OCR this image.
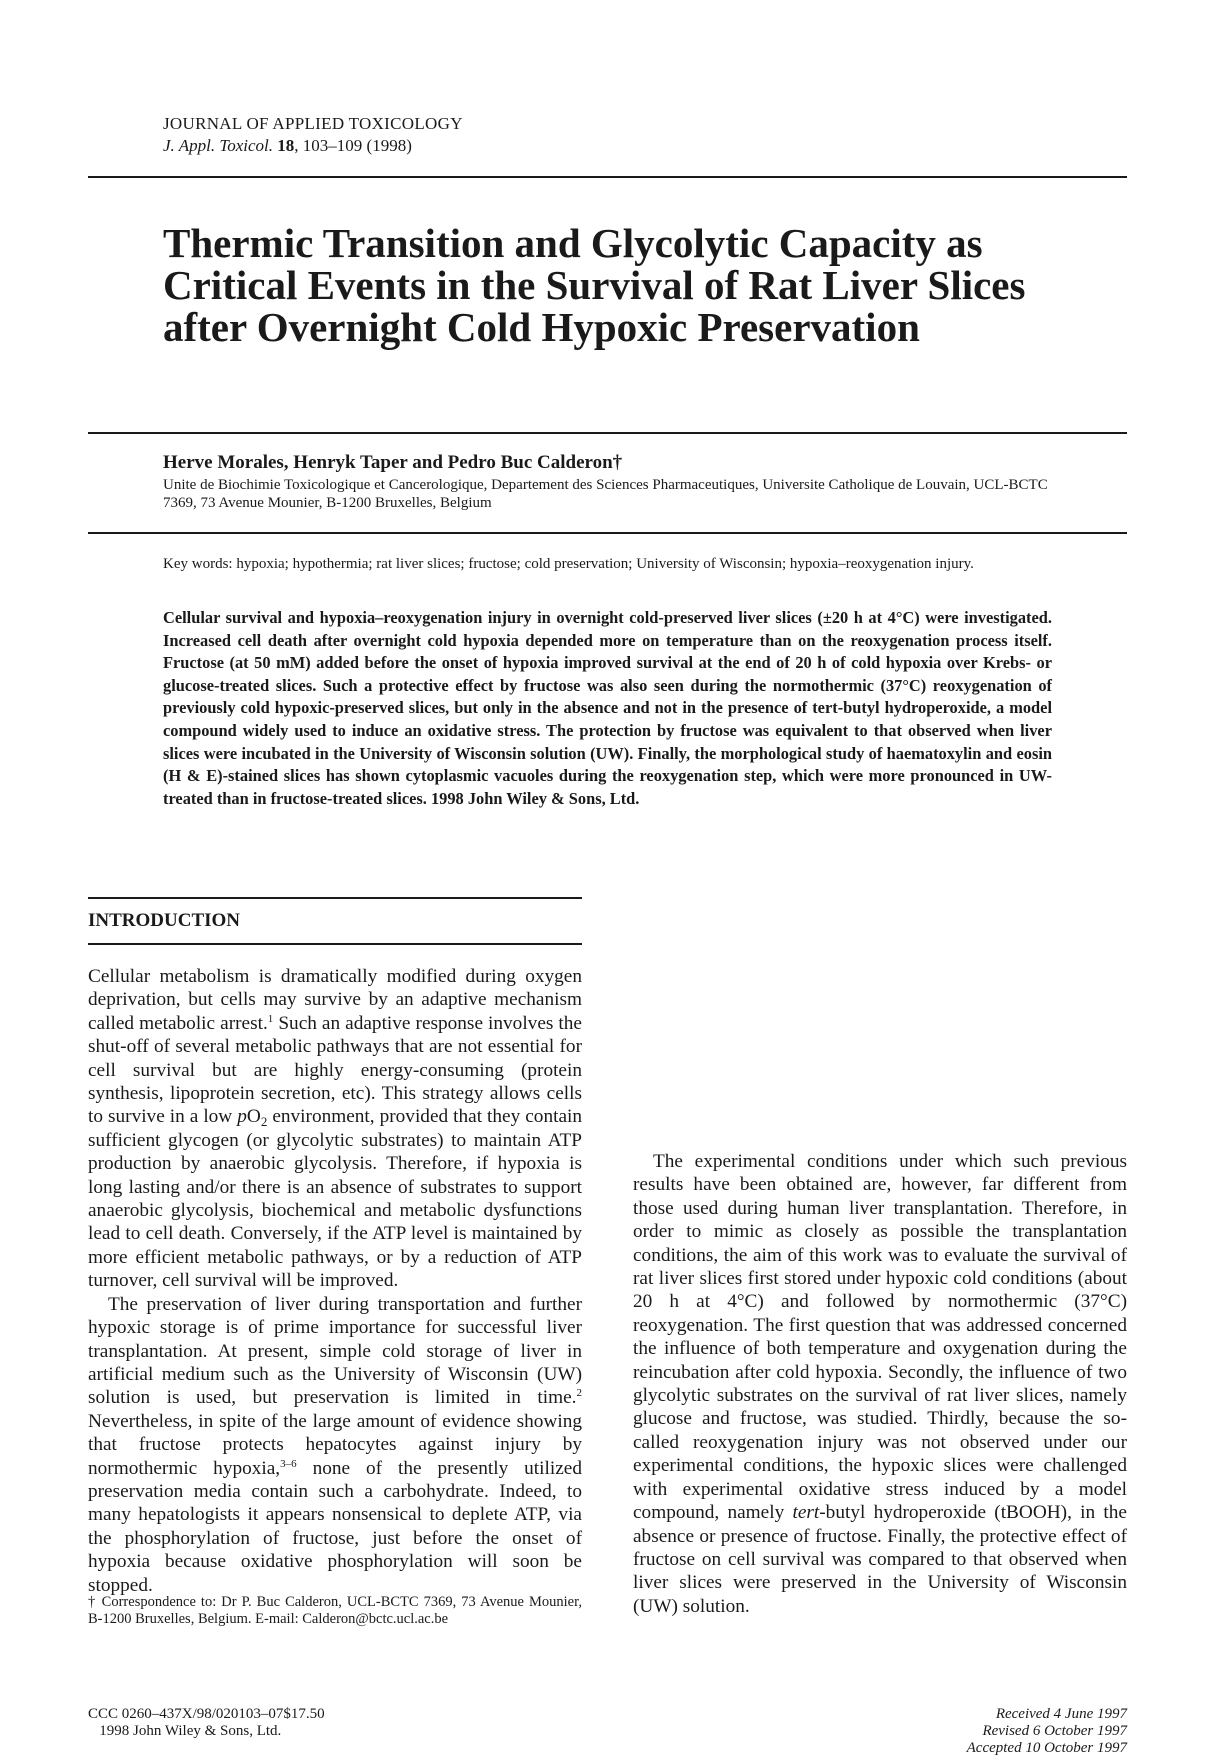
JOURNAL OF APPLIED TOXICOLOGY
J. Appl. Toxicol. 18, 103–109 (1998)
Thermic Transition and Glycolytic Capacity as Critical Events in the Survival of Rat Liver Slices after Overnight Cold Hypoxic Preservation
Herve Morales, Henryk Taper and Pedro Buc Calderon†
Unite de Biochimie Toxicologique et Cancerologique, Departement des Sciences Pharmaceutiques, Universite Catholique de Louvain, UCL-BCTC 7369, 73 Avenue Mounier, B-1200 Bruxelles, Belgium
Key words: hypoxia; hypothermia; rat liver slices; fructose; cold preservation; University of Wisconsin; hypoxia–reoxygenation injury.
Cellular survival and hypoxia–reoxygenation injury in overnight cold-preserved liver slices (±20 h at 4°C) were investigated. Increased cell death after overnight cold hypoxia depended more on temperature than on the reoxygenation process itself. Fructose (at 50 mM) added before the onset of hypoxia improved survival at the end of 20 h of cold hypoxia over Krebs- or glucose-treated slices. Such a protective effect by fructose was also seen during the normothermic (37°C) reoxygenation of previously cold hypoxic-preserved slices, but only in the absence and not in the presence of tert-butyl hydroperoxide, a model compound widely used to induce an oxidative stress. The protection by fructose was equivalent to that observed when liver slices were incubated in the University of Wisconsin solution (UW). Finally, the morphological study of haematoxylin and eosin (H & E)-stained slices has shown cytoplasmic vacuoles during the reoxygenation step, which were more pronounced in UW-treated than in fructose-treated slices. 1998 John Wiley & Sons, Ltd.
INTRODUCTION

Cellular metabolism is dramatically modified during oxygen deprivation, but cells may survive by an adaptive mechanism called metabolic arrest.$^1$ Such an adaptive response involves the shut-off of several metabolic pathways that are not essential for cell survival but are highly energy-consuming (protein synthesis, lipoprotein secretion, etc). This strategy allows cells to survive in a low $pO_2$ environment, provided that they contain sufficient glycogen (or glycolytic substrates) to maintain ATP production by anaerobic glycolysis. Therefore, if hypoxia is long lasting and/or there is an absence of substrates to support anaerobic glycolysis, biochemical and metabolic dysfunctions lead to cell death. Conversely, if the ATP level is maintained by more efficient metabolic pathways, or by a reduction of ATP turnover, cell survival will be improved.

The preservation of liver during transportation and further hypoxic storage is of prime importance for successful liver transplantation. At present, simple cold storage of liver in artificial medium such as the University of Wisconsin (UW) solution is used, but preservation is limited in time.$^2$ Nevertheless, in spite of the large amount of evidence showing that fructose protects hepatocytes against injury by normothermic hypoxia,$^{3-6}$ none of the presently utilized preservation media contain such a carbohydrate. Indeed, to many hepatologists it appears nonsensical to deplete ATP, via the phosphorylation of fructose, just before the onset of hypoxia because oxidative phosphorylation will soon be stopped.

The experimental conditions under which such previous results have been obtained are, however, far different from those used during human liver transplantation. Therefore, in order to mimic as closely as possible the transplantation conditions, the aim of this work was to evaluate the survival of rat liver slices first stored under hypoxic cold conditions (about 20 h at 4°C) and followed by normothermic (37°C) reoxygenation. The first question that was addressed concerned the influence of both temperature and oxygenation during the reincubation after cold hypoxia. Secondly, the influence of two glycolytic substrates on the survival of rat liver slices, namely glucose and fructose, was studied. Thirdly, because the so-called reoxygenation injury was not observed under our experimental conditions, the hypoxic slices were challenged with experimental oxidative stress induced by a model compound, namely tert-butyl hydroperoxide (tBOOH), in the absence or presence of fructose. Finally, the protective effect of fructose on cell survival was compared to that observed when liver slices were preserved in the University of Wisconsin (UW) solution.

† Correspondence to: Dr P. Buc Calderon, UCL-BCTC 7369, 73 Avenue Mounier, B-1200 Bruxelles, Belgium. E-mail: Calderon@bctc.ucl.ac.be
CCC 0260–437X/98/020103–07$17.50
1998 John Wiley & Sons, Ltd.
Received 4 June 1997
Revised 6 October 1997
Accepted 10 October 1997
